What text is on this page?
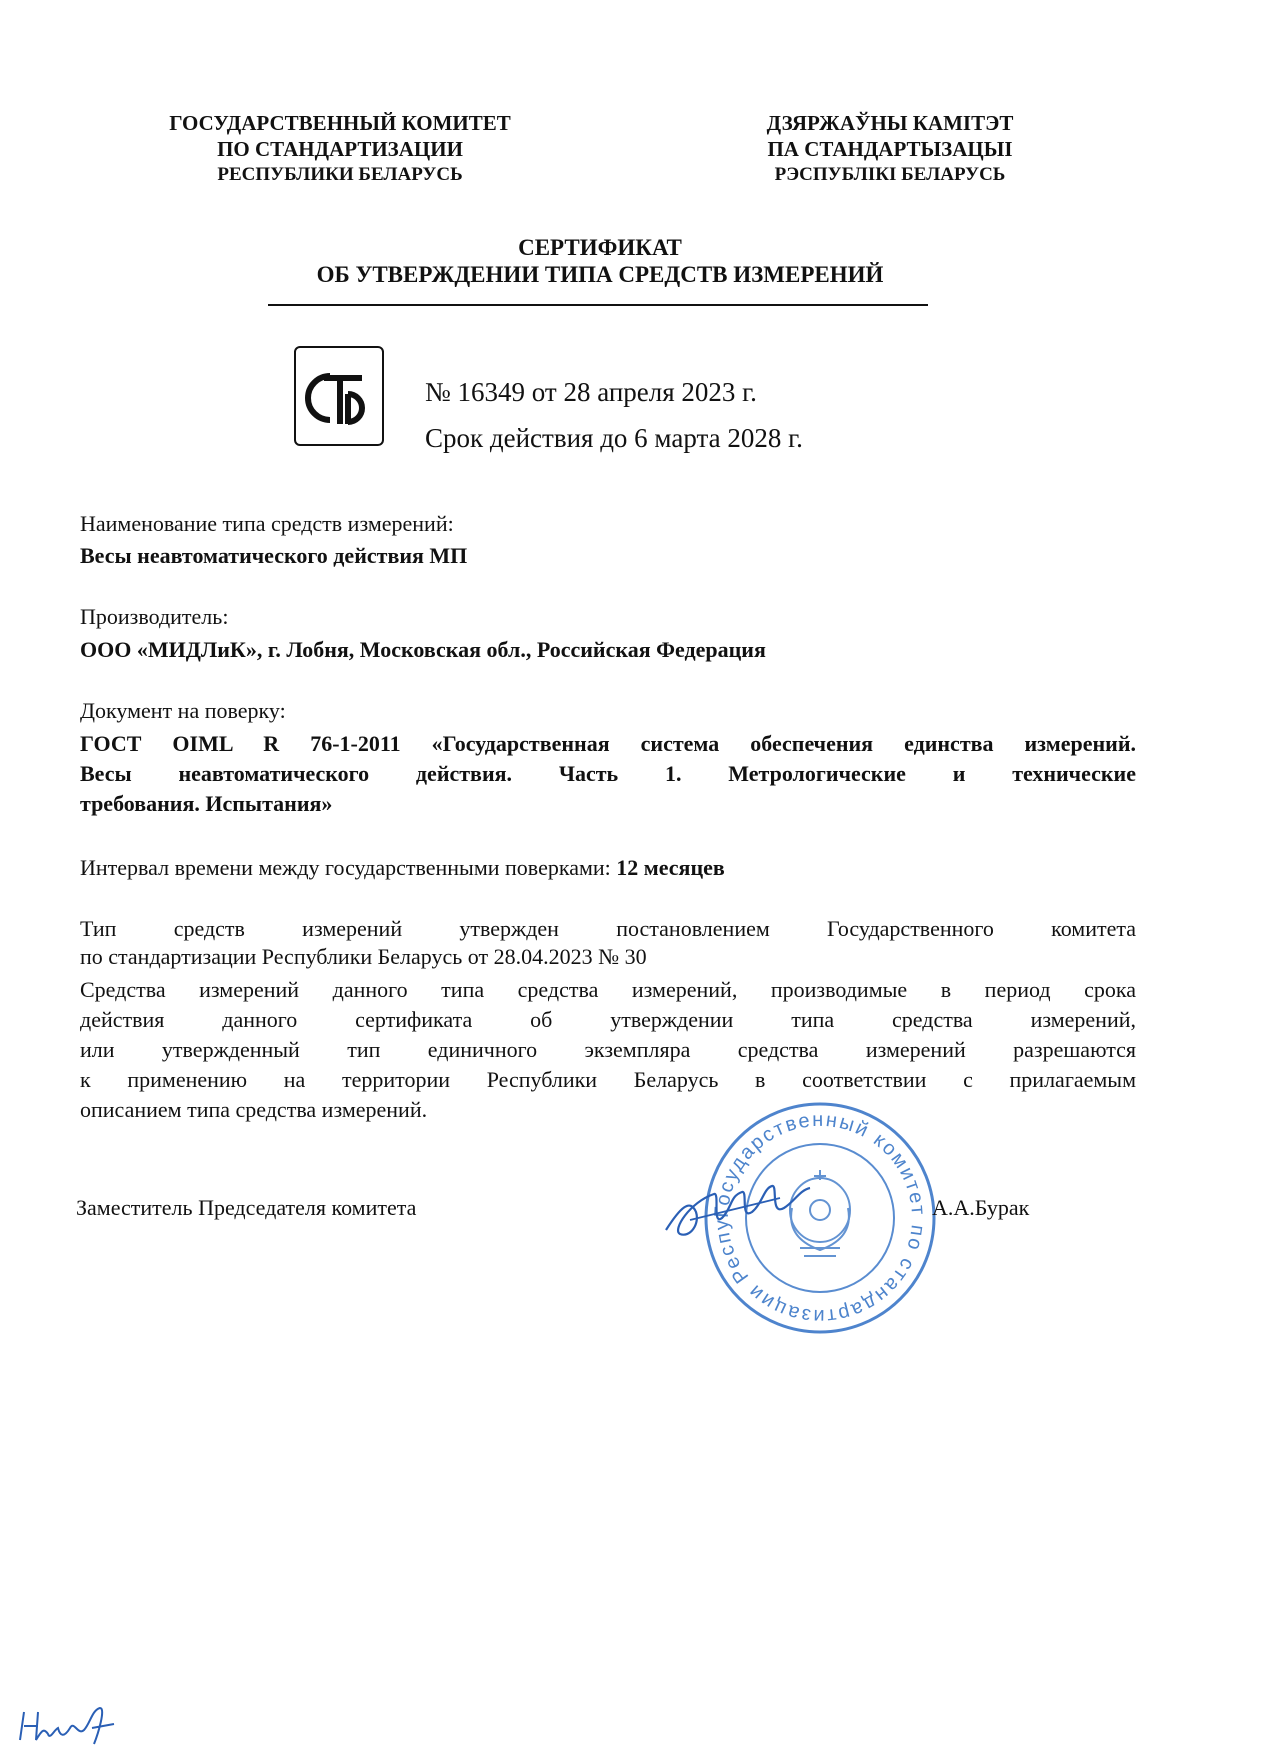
ГОСУДАРСТВЕННЫЙ КОМИТЕТ
ПО СТАНДАРТИЗАЦИИ
РЕСПУБЛИКИ БЕЛАРУСЬ
ДЗЯРЖАЎНЫ КАМІТЭТ
ПА СТАНДАРТЫЗАЦЫІ
РЭСПУБЛІКІ БЕЛАРУСЬ
СЕРТИФИКАТ
ОБ УТВЕРЖДЕНИИ ТИПА СРЕДСТВ ИЗМЕРЕНИЙ
№ 16349 от 28 апреля 2023 г.
Срок действия до 6 марта 2028 г.
Наименование типа средств измерений:
Весы неавтоматического действия МП
Производитель:
ООО «МИДЛиК», г. Лобня, Московская обл., Российская Федерация
Документ на поверку:
ГОСТ OIML R 76-1-2011 «Государственная система обеспечения единства измерений.
Весы неавтоматического действия. Часть 1. Метрологические и технические
требования. Испытания»
Интервал времени между государственными поверками: 12 месяцев
Тип средств измерений утвержден постановлением Государственного комитета
по стандартизации Республики Беларусь от 28.04.2023 № 30
Средства измерений данного типа средства измерений, производимые в период срока
действия данного сертификата об утверждении типа средства измерений,
или утвержденный тип единичного экземпляра средства измерений разрешаются
к применению на территории Республики Беларусь в соответствии с прилагаемым
описанием типа средства измерений.
Государственный комитет по стандартизации Респу
Заместитель Председателя комитета	А.А.Бурак
